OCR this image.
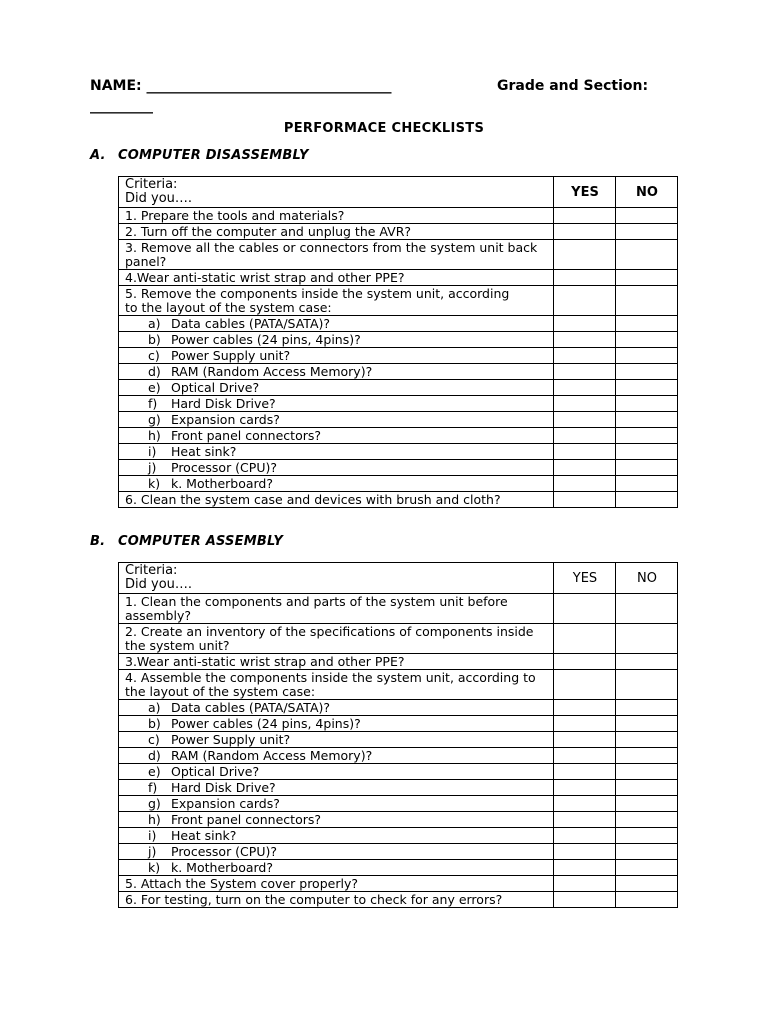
NAME: ___________________________________	Grade and Section:
_________
PERFORMACE CHECKLISTS
A. COMPUTER DISASSEMBLY
Criteria:
Did you….	YES	NO
1. Prepare the tools and materials?		
2. Turn off the computer and unplug the AVR?		
3. Remove all the cables or connectors from the system unit back panel?		
4.Wear anti-static wrist strap and other PPE?		
5. Remove the components inside the system unit, according
to the layout of the system case:		
a) Data cables (PATA/SATA)?		
b) Power cables (24 pins, 4pins)?		
c) Power Supply unit?		
d) RAM (Random Access Memory)?		
e) Optical Drive?		
f) Hard Disk Drive?		
g) Expansion cards?		
h) Front panel connectors?		
i) Heat sink?		
j) Processor (CPU)?		
k) k. Motherboard?		
6. Clean the system case and devices with brush and cloth?		
B. COMPUTER ASSEMBLY
Criteria:
Did you….	YES	NO
1. Clean the components and parts of the system unit before
assembly?		
2. Create an inventory of the specifications of components inside the system unit?		
3.Wear anti-static wrist strap and other PPE?		
4. Assemble the components inside the system unit, according to the layout of the system case:		
a) Data cables (PATA/SATA)?		
b) Power cables (24 pins, 4pins)?		
c) Power Supply unit?		
d) RAM (Random Access Memory)?		
e) Optical Drive?		
f) Hard Disk Drive?		
g) Expansion cards?		
h) Front panel connectors?		
i) Heat sink?		
j) Processor (CPU)?		
k) k. Motherboard?		
5. Attach the System cover properly?		
6. For testing, turn on the computer to check for any errors?		
